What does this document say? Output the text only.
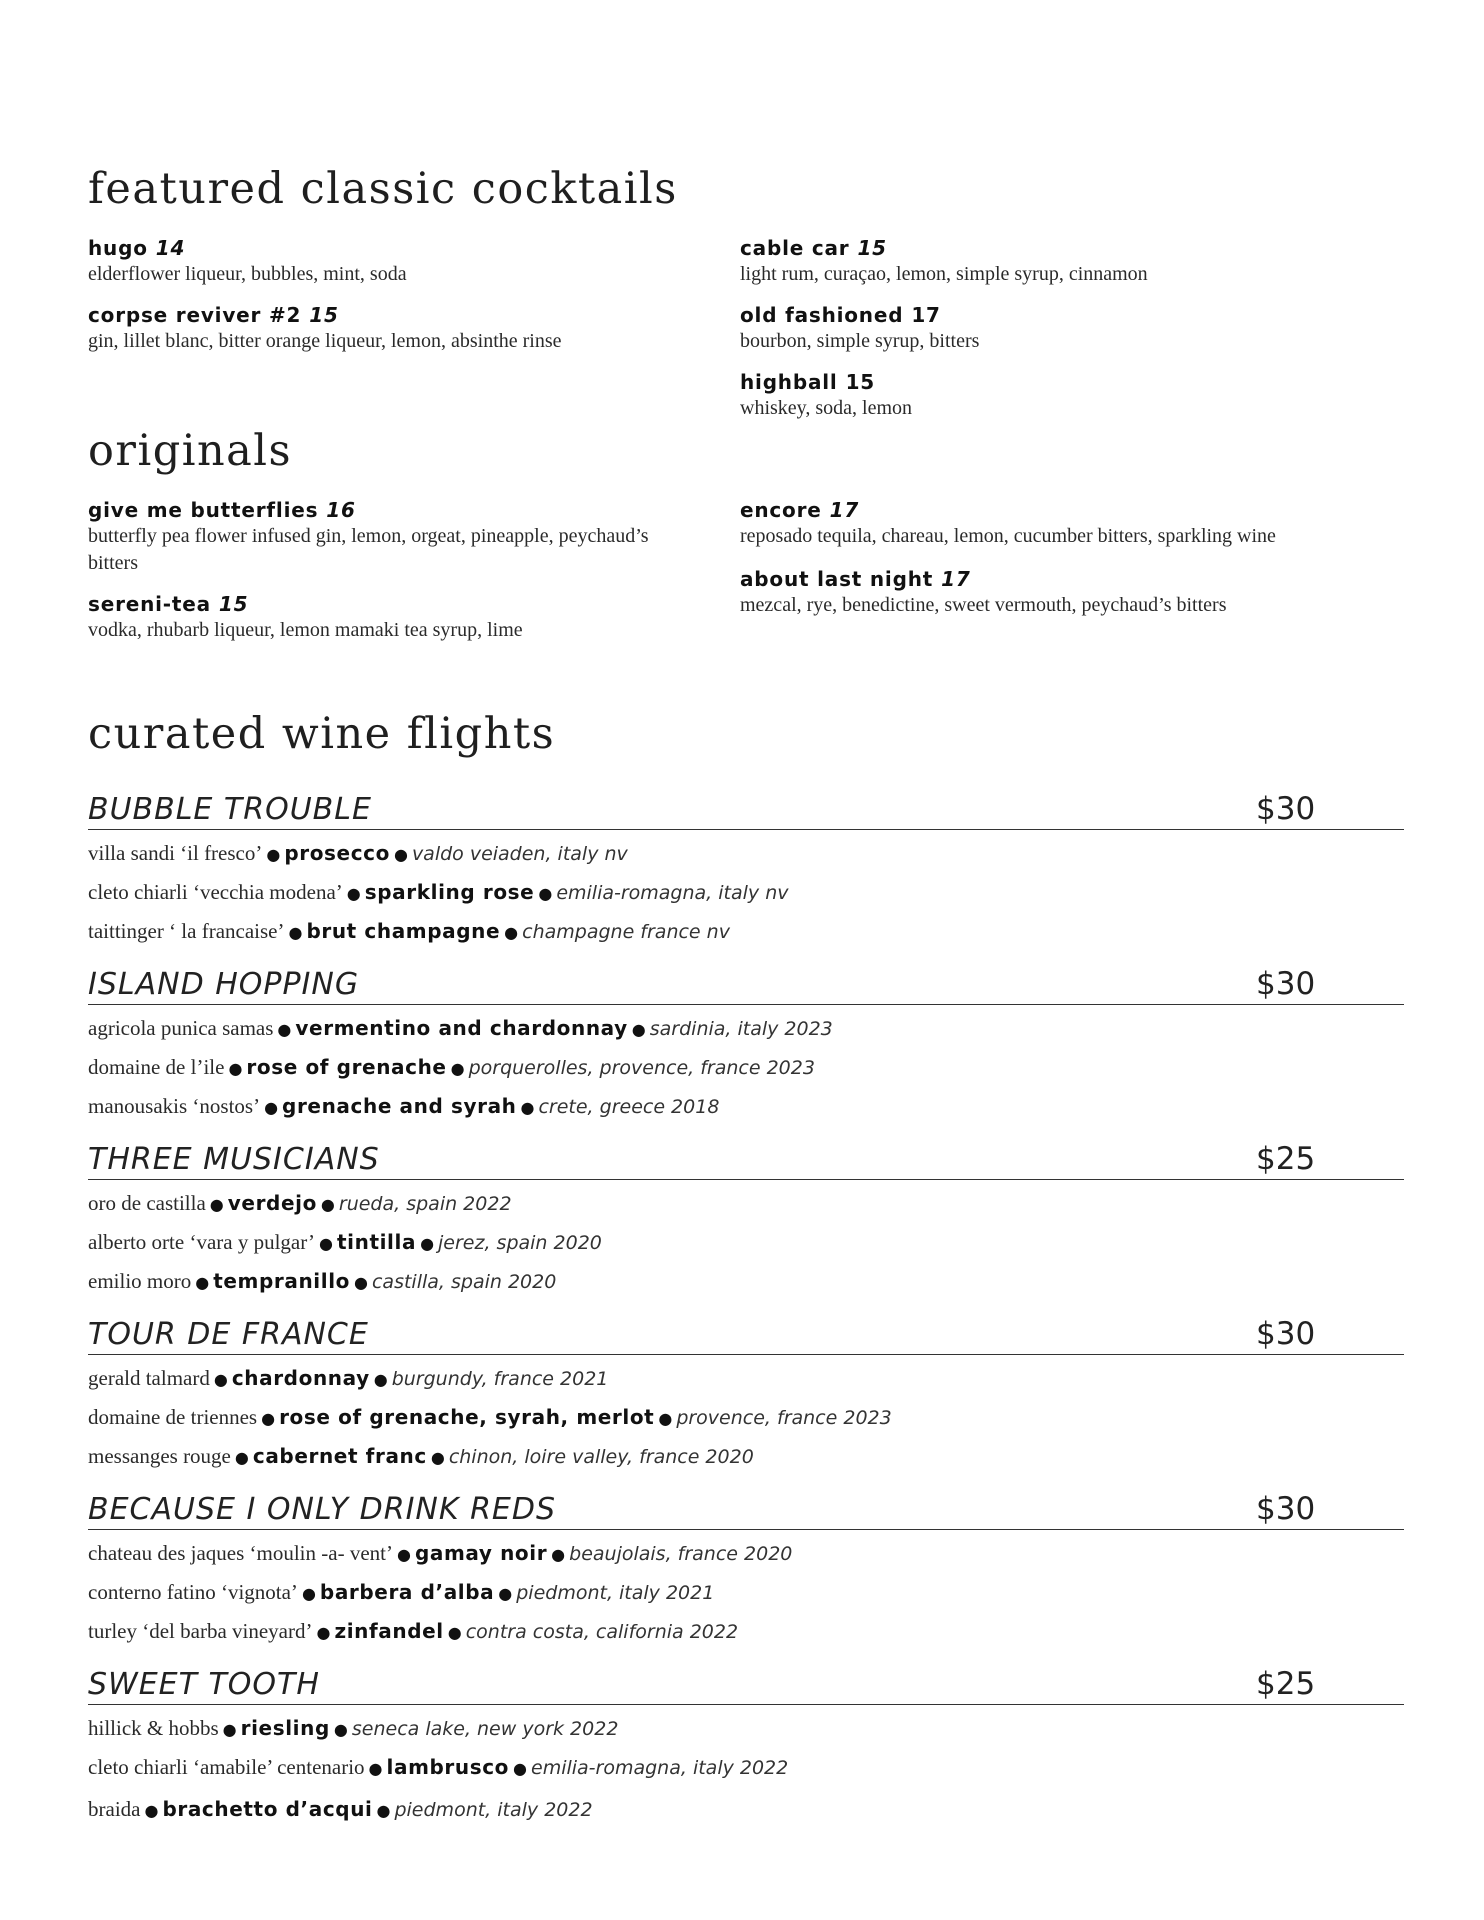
featured classic cocktails
hugo 14
elderflower liqueur, bubbles, mint, soda
corpse reviver #2 15
gin, lillet blanc, bitter orange liqueur, lemon, absinthe rinse
cable car 15
light rum, curaçao, lemon, simple syrup, cinnamon
old fashioned 17
bourbon, simple syrup, bitters
highball 15
whiskey, soda, lemon
originals
give me butterflies 16
butterfly pea flower infused gin, lemon, orgeat, pineapple, peychaud’s bitters
sereni-tea 15
vodka, rhubarb liqueur, lemon mamaki tea syrup, lime
encore 17
reposado tequila, chareau, lemon, cucumber bitters, sparkling wine
about last night 17
mezcal, rye, benedictine, sweet vermouth, peychaud’s bitters
curated wine flights
BUBBLE TROUBLE	$30
villa sandi ‘il fresco’ ● prosecco ● valdo veiaden, italy nv
cleto chiarli ‘vecchia modena’ ● sparkling rose ● emilia-romagna, italy nv
taittinger ‘ la francaise’ ● brut champagne ● champagne france nv
ISLAND HOPPING	$30
agricola punica samas ● vermentino and chardonnay ● sardinia, italy 2023
domaine de l’ile ● rose of grenache ● porquerolles, provence, france 2023
manousakis ‘nostos’ ● grenache and syrah ● crete, greece 2018
THREE MUSICIANS	$25
oro de castilla ● verdejo ● rueda, spain 2022
alberto orte ‘vara y pulgar’ ● tintilla ● jerez, spain 2020
emilio moro ● tempranillo ● castilla, spain 2020
TOUR DE FRANCE	$30
gerald talmard ● chardonnay ● burgundy, france 2021
domaine de triennes ● rose of grenache, syrah, merlot ● provence, france 2023
messanges rouge ● cabernet franc ● chinon, loire valley, france 2020
BECAUSE I ONLY DRINK REDS	$30
chateau des jaques ‘moulin -a- vent’ ● gamay noir ● beaujolais, france 2020
conterno fatino ‘vignota’ ● barbera d’alba ● piedmont, italy 2021
turley ‘del barba vineyard’ ● zinfandel ● contra costa, california 2022
SWEET TOOTH	$25
hillick & hobbs ● riesling ● seneca lake, new york 2022
cleto chiarli ‘amabile’ centenario ● lambrusco ● emilia-romagna, italy 2022
braida ● brachetto d’acqui ● piedmont, italy 2022
